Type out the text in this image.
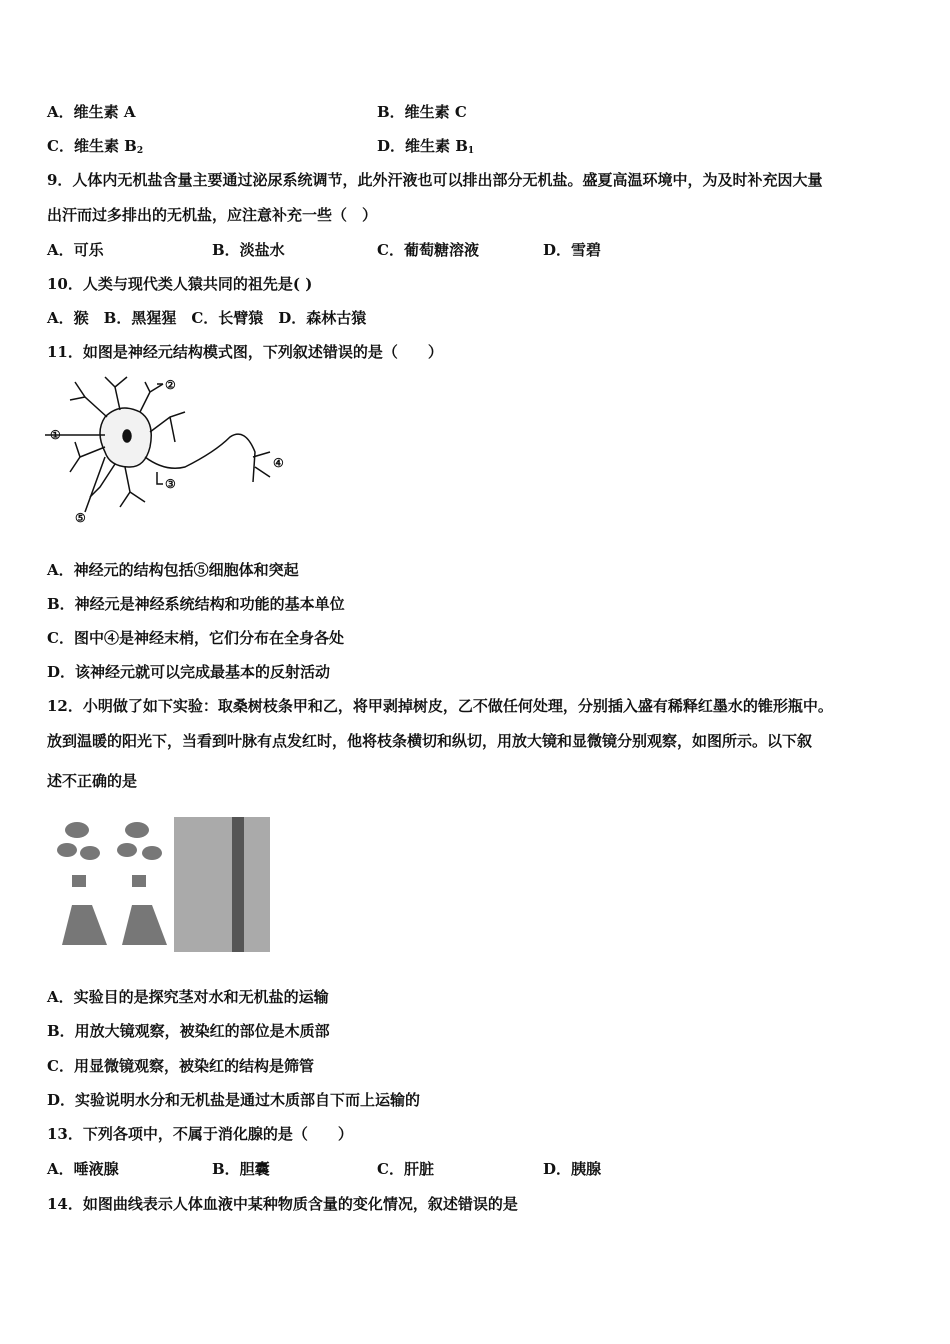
A．维生素 A	B．维生素 C
C．维生素 $B_2$	D．维生素 $B_1$
9．人体内无机盐含量主要通过泌尿系统调节，此外汗液也可以排出部分无机盐。盛夏高温环境中，为及时补充因大量
出汗而过多排出的无机盐，应注意补充一些（　）
A．可乐	B．淡盐水	C．葡萄糖溶液	D．雪碧
10．人类与现代类人猿共同的祖先是( )
A．猴　B．黑猩猩　C．长臂猿　D．森林古猿
11．如图是神经元结构模式图，下列叙述错误的是（　　）
①
②
③
④
⑤
A．神经元的结构包括⑤细胞体和突起
B．神经元是神经系统结构和功能的基本单位
C．图中④是神经末梢，它们分布在全身各处
D．该神经元就可以完成最基本的反射活动
12．小明做了如下实验：取桑树枝条甲和乙，将甲剥掉树皮，乙不做任何处理，分别插入盛有稀释红墨水的锥形瓶中。
放到温暖的阳光下，当看到叶脉有点发红时，他将枝条横切和纵切，用放大镜和显微镜分别观察，如图所示。以下叙
述不正确的是
A．实验目的是探究茎对水和无机盐的运输
B．用放大镜观察，被染红的部位是木质部
C．用显微镜观察，被染红的结构是筛管
D．实验说明水分和无机盐是通过木质部自下而上运输的
13．下列各项中，不属于消化腺的是（　　）
A．唾液腺	B．胆囊	C．肝脏	D．胰腺
14．如图曲线表示人体血液中某种物质含量的变化情况，叙述错误的是
